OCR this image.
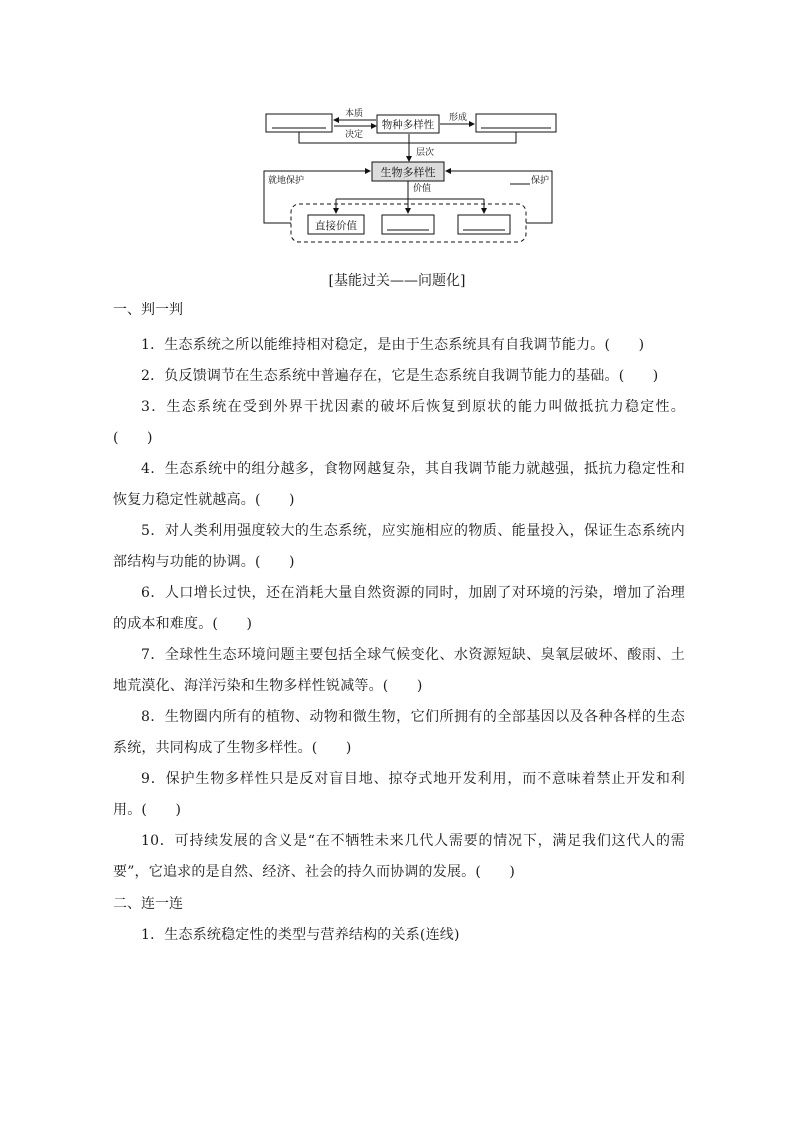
物种多样性
本质
决定
形成
层次
生物多样性
价值
直接价值
就地保护	保护
[基能过关——问题化]
一、判一判

1．生态系统之所以能维持相对稳定，是由于生态系统具有自我调节能力。(　　)

2．负反馈调节在生态系统中普遍存在，它是生态系统自我调节能力的基础。(　　)

3．生态系统在受到外界干扰因素的破坏后恢复到原状的能力叫做抵抗力稳定性。(　　)

4．生态系统中的组分越多，食物网越复杂，其自我调节能力就越强，抵抗力稳定性和恢复力稳定性就越高。(　　)

5．对人类利用强度较大的生态系统，应实施相应的物质、能量投入，保证生态系统内部结构与功能的协调。(　　)

6．人口增长过快，还在消耗大量自然资源的同时，加剧了对环境的污染，增加了治理的成本和难度。(　　)

7．全球性生态环境问题主要包括全球气候变化、水资源短缺、臭氧层破坏、酸雨、土地荒漠化、海洋污染和生物多样性锐减等。(　　)

8．生物圈内所有的植物、动物和微生物，它们所拥有的全部基因以及各种各样的生态系统，共同构成了生物多样性。(　　)

9．保护生物多样性只是反对盲目地、掠夺式地开发利用，而不意味着禁止开发和利用。(　　)

10．可持续发展的含义是“在不牺牲未来几代人需要的情况下，满足我们这代人的需要”，它追求的是自然、经济、社会的持久而协调的发展。(　　)

二、连一连

1．生态系统稳定性的类型与营养结构的关系(连线)
